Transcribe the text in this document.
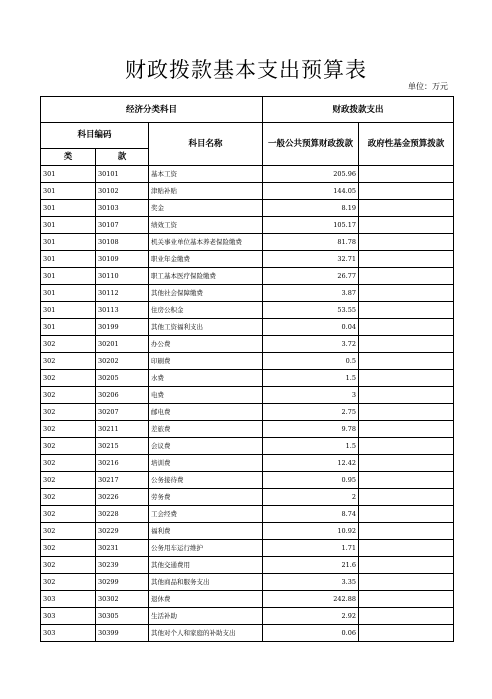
财政拨款基本支出预算表
单位：万元
经济分类科目			财政拨款支出	
科目编码		科目名称	一般公共预算财政拨款	政府性基金预算拨款
类	款			
301	30101	基本工资	205.96	
301	30102	津贴补贴	144.05	
301	30103	奖金	8.19	
301	30107	绩效工资	105.17	
301	30108	机关事业单位基本养老保险缴费	81.78	
301	30109	职业年金缴费	32.71	
301	30110	职工基本医疗保险缴费	26.77	
301	30112	其他社会保障缴费	3.87	
301	30113	住房公积金	53.55	
301	30199	其他工资福利支出	0.04	
302	30201	办公费	3.72	
302	30202	印刷费	0.5	
302	30205	水费	1.5	
302	30206	电费	3	
302	30207	邮电费	2.75	
302	30211	差旅费	9.78	
302	30215	会议费	1.5	
302	30216	培训费	12.42	
302	30217	公务接待费	0.95	
302	30226	劳务费	2	
302	30228	工会经费	8.74	
302	30229	福利费	10.92	
302	30231	公务用车运行维护	1.71	
302	30239	其他交通费用	21.6	
302	30299	其他商品和服务支出	3.35	
303	30302	退休费	242.88	
303	30305	生活补助	2.92	
303	30399	其他对个人和家庭的补助支出	0.06	
